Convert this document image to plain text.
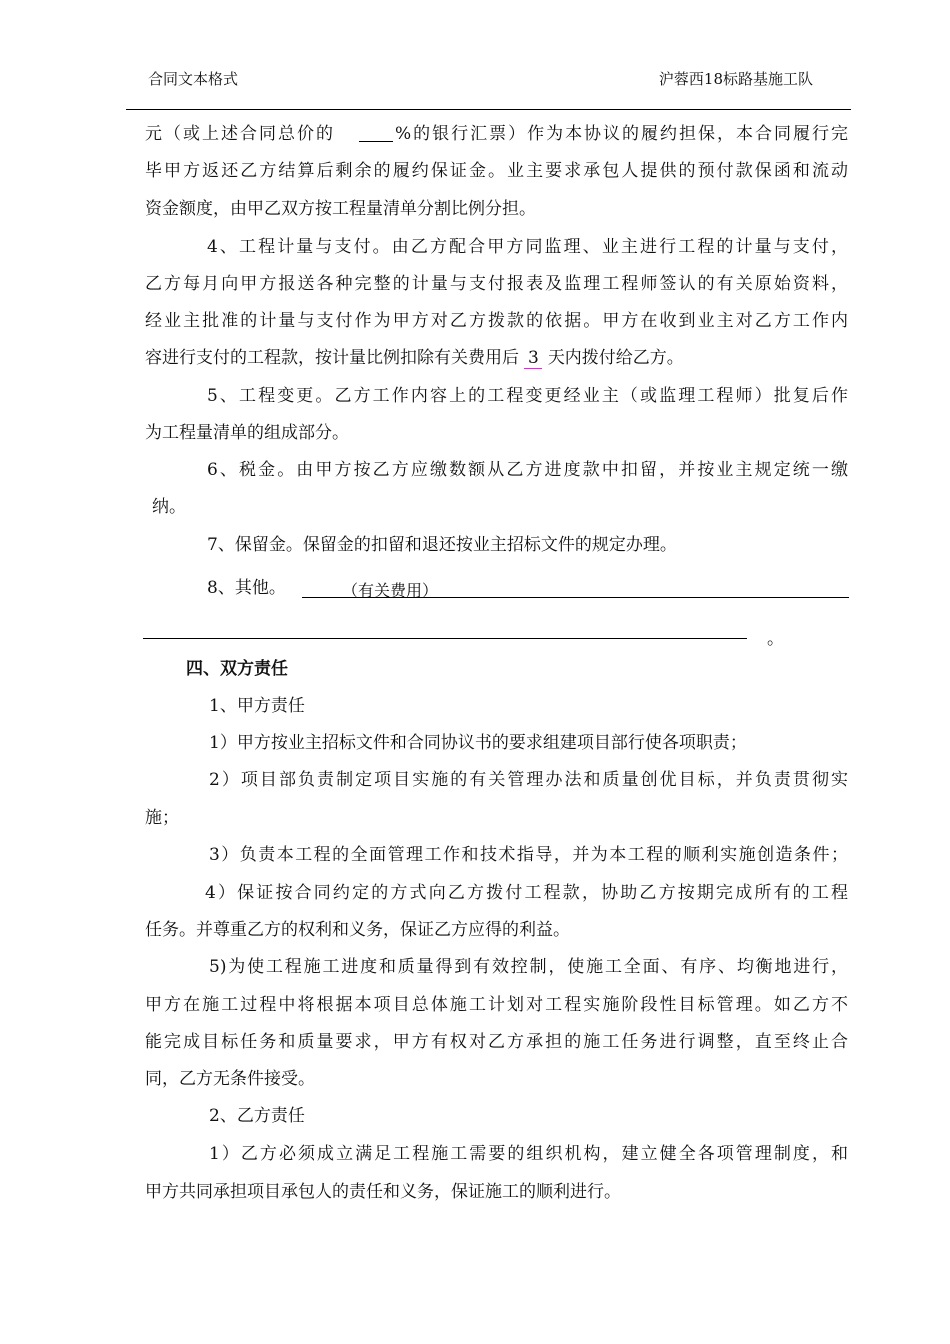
合同文本格式	沪蓉西18标路基施工队
元（或上述合同总价的	%的银行汇票）作为本协议的履约担保，本合同履行完
毕甲方返还乙方结算后剩余的履约保证金。业主要求承包人提供的预付款保函和流动
资金额度，由甲乙双方按工程量清单分割比例分担。
4、工程计量与支付。由乙方配合甲方同监理、业主进行工程的计量与支付，
乙方每月向甲方报送各种完整的计量与支付报表及监理工程师签认的有关原始资料，
经业主批准的计量与支付作为甲方对乙方拨款的依据。甲方在收到业主对乙方工作内
容进行支付的工程款，按计量比例扣除有关费用后 3 天内拨付给乙方。
5、工程变更。乙方工作内容上的工程变更经业主（或监理工程师）批复后作
为工程量清单的组成部分。
6、税金。由甲方按乙方应缴数额从乙方进度款中扣留，并按业主规定统一缴
纳。
7、保留金。保留金的扣留和退还按业主招标文件的规定办理。
8、其他。	（有关费用）
。
四、双方责任
1、甲方责任
1）甲方按业主招标文件和合同协议书的要求组建项目部行使各项职责；
2）项目部负责制定项目实施的有关管理办法和质量创优目标，并负责贯彻实
施；
3）负责本工程的全面管理工作和技术指导，并为本工程的顺利实施创造条件；
4）保证按合同约定的方式向乙方拨付工程款，协助乙方按期完成所有的工程
任务。并尊重乙方的权利和义务，保证乙方应得的利益。
5)为使工程施工进度和质量得到有效控制，使施工全面、有序、均衡地进行，
甲方在施工过程中将根据本项目总体施工计划对工程实施阶段性目标管理。如乙方不
能完成目标任务和质量要求，甲方有权对乙方承担的施工任务进行调整，直至终止合
同，乙方无条件接受。
2、乙方责任
1）乙方必须成立满足工程施工需要的组织机构，建立健全各项管理制度，和
甲方共同承担项目承包人的责任和义务，保证施工的顺利进行。
